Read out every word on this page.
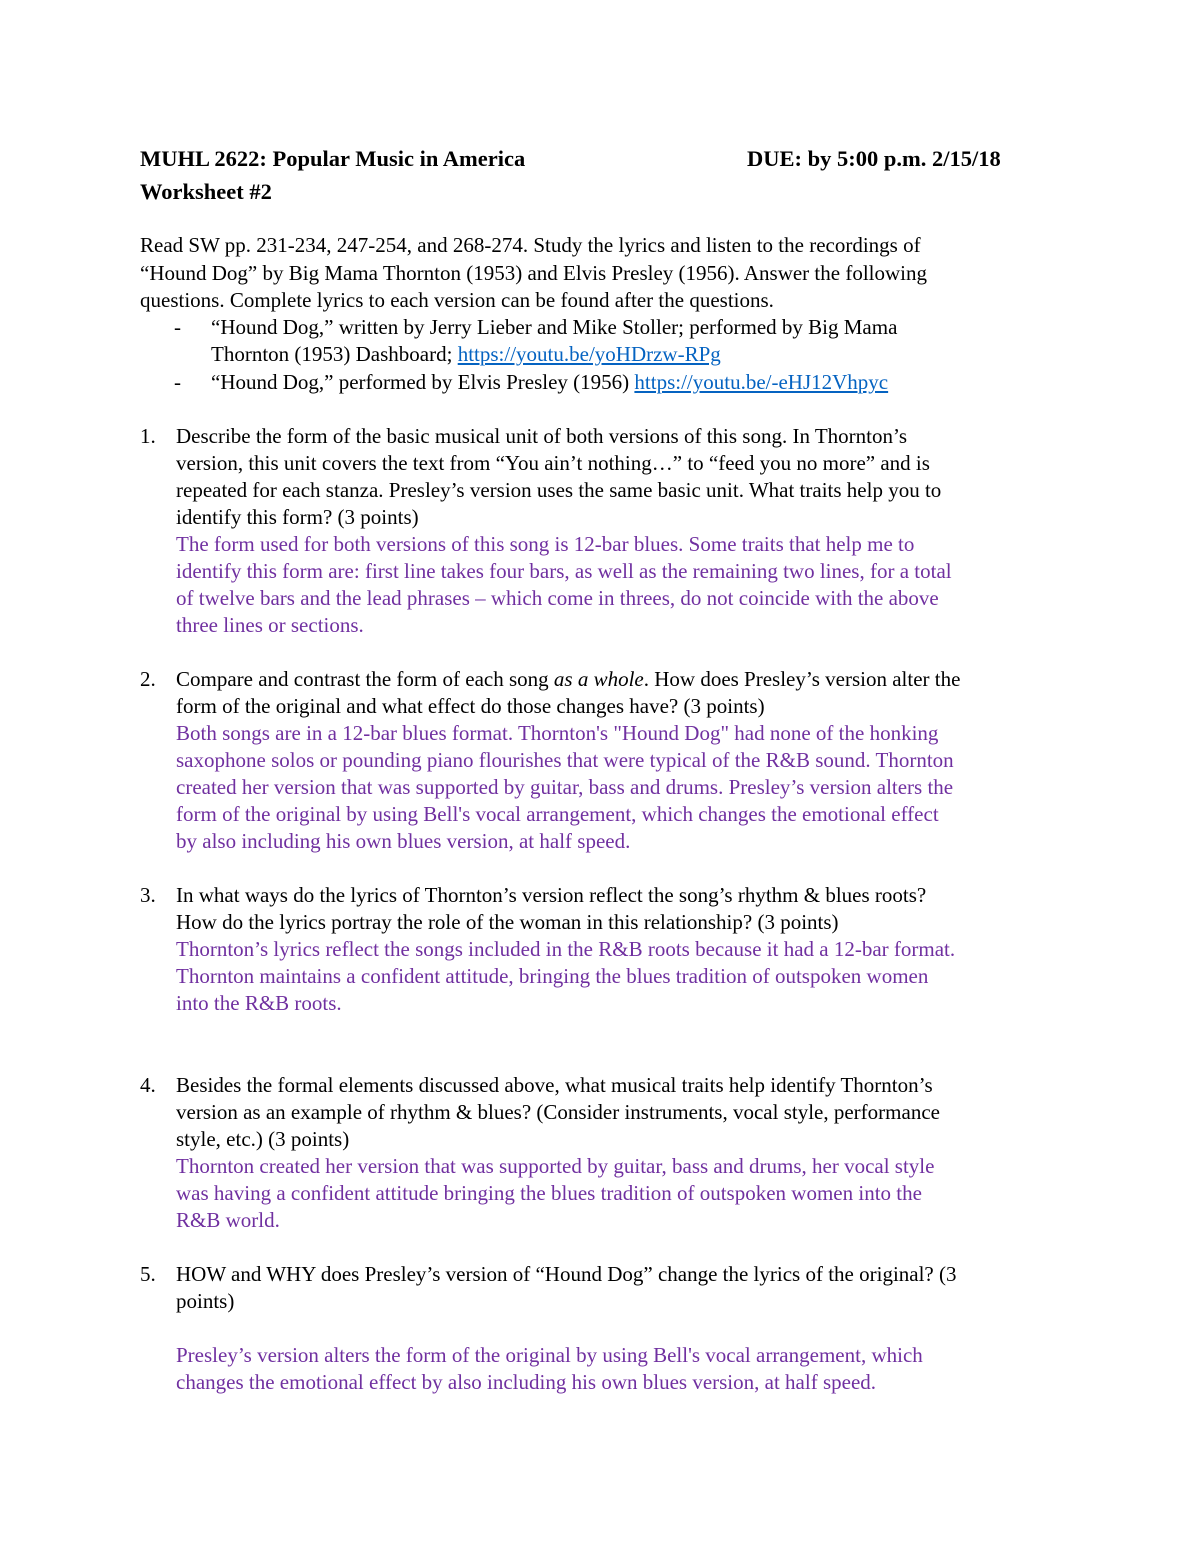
MUHL 2622: Popular Music in America	DUE: by 5:00 p.m. 2/15/18
Worksheet #2
Read SW pp. 231-234, 247-254, and 268-274. Study the lyrics and listen to the recordings of
“Hound Dog” by Big Mama Thornton (1953) and Elvis Presley (1956). Answer the following
questions. Complete lyrics to each version can be found after the questions.
- “Hound Dog,” written by Jerry Lieber and Mike Stoller; performed by Big Mama
Thornton (1953) Dashboard; https://youtu.be/yoHDrzw-RPg
- “Hound Dog,” performed by Elvis Presley (1956) https://youtu.be/-eHJ12Vhpyc
1. Describe the form of the basic musical unit of both versions of this song. In Thornton’s
version, this unit covers the text from “You ain’t nothing…” to “feed you no more” and is
repeated for each stanza. Presley’s version uses the same basic unit. What traits help you to
identify this form? (3 points)
The form used for both versions of this song is 12-bar blues. Some traits that help me to
identify this form are: first line takes four bars, as well as the remaining two lines, for a total
of twelve bars and the lead phrases – which come in threes, do not coincide with the above
three lines or sections.
2. Compare and contrast the form of each song as a whole. How does Presley’s version alter the
form of the original and what effect do those changes have? (3 points)
Both songs are in a 12-bar blues format. Thornton's "Hound Dog" had none of the honking
saxophone solos or pounding piano flourishes that were typical of the R&B sound. Thornton
created her version that was supported by guitar, bass and drums. Presley’s version alters the
form of the original by using Bell's vocal arrangement, which changes the emotional effect
by also including his own blues version, at half speed.
3. In what ways do the lyrics of Thornton’s version reflect the song’s rhythm & blues roots?
How do the lyrics portray the role of the woman in this relationship? (3 points)
Thornton’s lyrics reflect the songs included in the R&B roots because it had a 12-bar format.
Thornton maintains a confident attitude, bringing the blues tradition of outspoken women
into the R&B roots.
4. Besides the formal elements discussed above, what musical traits help identify Thornton’s
version as an example of rhythm & blues? (Consider instruments, vocal style, performance
style, etc.) (3 points)
Thornton created her version that was supported by guitar, bass and drums, her vocal style
was having a confident attitude bringing the blues tradition of outspoken women into the
R&B world.
5. HOW and WHY does Presley’s version of “Hound Dog” change the lyrics of the original? (3
points)
Presley’s version alters the form of the original by using Bell's vocal arrangement, which
changes the emotional effect by also including his own blues version, at half speed.
